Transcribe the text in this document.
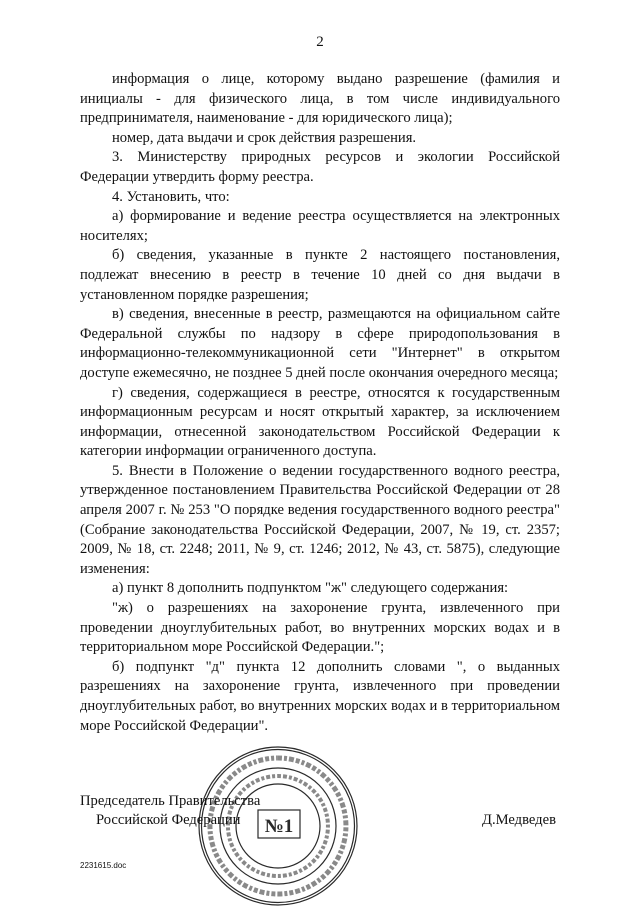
2

информация о лице, которому выдано разрешение (фамилия и инициалы - для физического лица, в том числе индивидуального предпринимателя, наименование - для юридического лица);

номер, дата выдачи и срок действия разрешения.

3. Министерству природных ресурсов и экологии Российской Федерации утвердить форму реестра.

4. Установить, что:

а) формирование и ведение реестра осуществляется на электронных носителях;

б) сведения, указанные в пункте 2 настоящего постановления, подлежат внесению в реестр в течение 10 дней со дня выдачи в установленном порядке разрешения;

в) сведения, внесенные в реестр, размещаются на официальном сайте Федеральной службы по надзору в сфере природопользования в информационно-телекоммуникационной сети "Интернет" в открытом доступе ежемесячно, не позднее 5 дней после окончания очередного месяца;

г) сведения, содержащиеся в реестре, относятся к государственным информационным ресурсам и носят открытый характер, за исключением информации, отнесенной законодательством Российской Федерации к категории информации ограниченного доступа.

5. Внести в Положение о ведении государственного водного реестра, утвержденное постановлением Правительства Российской Федерации от 28 апреля 2007 г. № 253 "О порядке ведения государственного водного реестра" (Собрание законодательства Российской Федерации, 2007, № 19, ст. 2357; 2009, № 18, ст. 2248; 2011, № 9, ст. 1246; 2012, № 43, ст. 5875), следующие изменения:

а) пункт 8 дополнить подпунктом "ж" следующего содержания:

"ж) о разрешениях на захоронение грунта, извлеченного при проведении дноуглубительных работ, во внутренних морских водах и в территориальном море Российской Федерации.";

б) подпункт "д" пункта 12 дополнить словами ", о выданных разрешениях на захоронение грунта, извлеченного при проведении дноуглубительных работ, во внутренних морских водах и в территориальном море Российской Федерации".

№1
Председатель Правительства
Российской Федерации	Д.Медведев
2231615.doc
